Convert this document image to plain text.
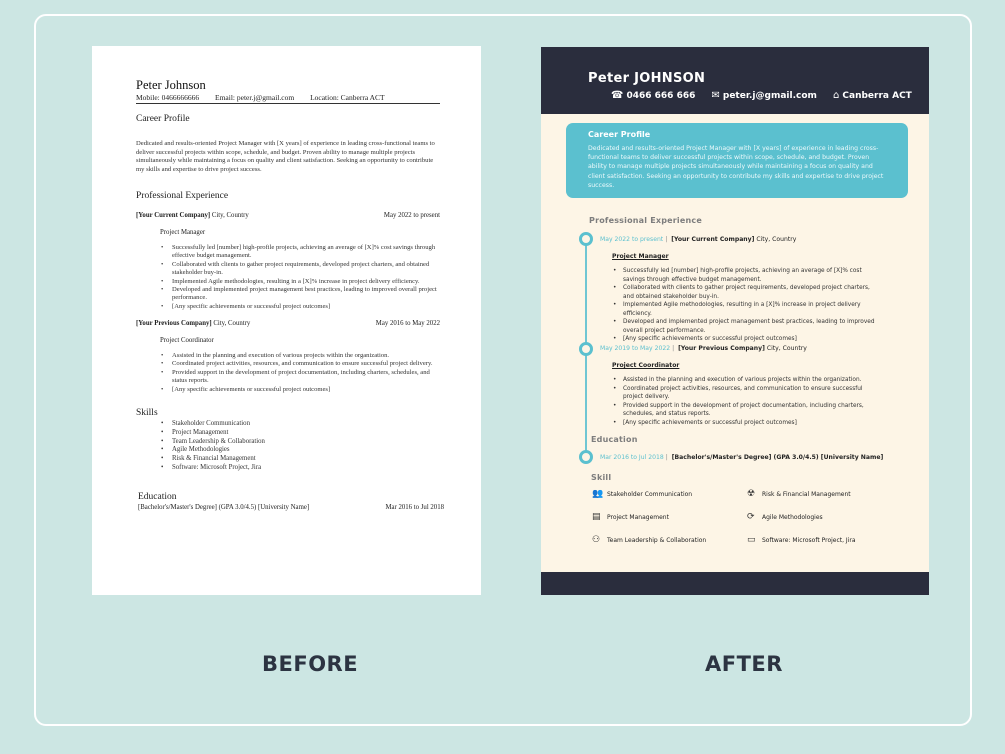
Peter Johnson
Mobile: 0466666666 Email: peter.j@gmail.com Location: Canberra ACT
Career Profile
Dedicated and results-oriented Project Manager with [X years] of experience in leading cross-functional teams to deliver successful projects within scope, schedule, and budget. Proven ability to manage multiple projects simultaneously while maintaining a focus on quality and client satisfaction. Seeking an opportunity to contribute my skills and expertise to drive project success.
Professional Experience
[Your Current Company] City, Country	May 2022 to present
Project Manager
• Successfully led [number] high-profile projects, achieving an average of [X]% cost savings through effective budget management.
• Collaborated with clients to gather project requirements, developed project charters, and obtained stakeholder buy-in.
• Implemented Agile methodologies, resulting in a [X]% increase in project delivery efficiency.
• Developed and implemented project management best practices, leading to improved overall project performance.
• [Any specific achievements or successful project outcomes]
[Your Previous Company] City, Country	May 2016 to May 2022
Project Coordinator
• Assisted in the planning and execution of various projects within the organization.
• Coordinated project activities, resources, and communication to ensure successful project delivery.
• Provided support in the development of project documentation, including charters, schedules, and status reports.
• [Any specific achievements or successful project outcomes]
Skills
• Stakeholder Communication
• Project Management
• Team Leadership & Collaboration
• Agile Methodologies
• Risk & Financial Management
• Software: Microsoft Project, Jira
Education
[Bachelor's/Master's Degree] (GPA 3.0/4.5) [University Name]	Mar 2016 to Jul 2018
Peter JOHNSON
☎ 0466 666 666 ✉ peter.j@gmail.com ⌂ Canberra ACT
Career Profile
Dedicated and results-oriented Project Manager with [X years] of experience in leading cross-functional teams to deliver successful projects within scope, schedule, and budget. Proven ability to manage multiple projects simultaneously while maintaining a focus on quality and client satisfaction. Seeking an opportunity to contribute my skills and expertise to drive project success.
Professional Experience
May 2022 to present | [Your Current Company] City, Country
Project Manager
• Successfully led [number] high-profile projects, achieving an average of [X]% cost savings through effective budget management.
• Collaborated with clients to gather project requirements, developed project charters, and obtained stakeholder buy-in.
• Implemented Agile methodologies, resulting in a [X]% increase in project delivery efficiency.
• Developed and implemented project management best practices, leading to improved overall project performance.
• [Any specific achievements or successful project outcomes]
May 2019 to May 2022 | [Your Previous Company] City, Country
Project Coordinator
• Assisted in the planning and execution of various projects within the organization.
• Coordinated project activities, resources, and communication to ensure successful project delivery.
• Provided support in the development of project documentation, including charters, schedules, and status reports.
• [Any specific achievements or successful project outcomes]
Education
Mar 2016 to Jul 2018 | [Bachelor's/Master's Degree] (GPA 3.0/4.5) [University Name]
Skill
👥 Stakeholder Communication	☢ Risk & Financial Management
▤ Project Management	⟳ Agile Methodologies
⚇ Team Leadership & Collaboration	▭ Software: Microsoft Project, Jira
BEFORE	AFTER
